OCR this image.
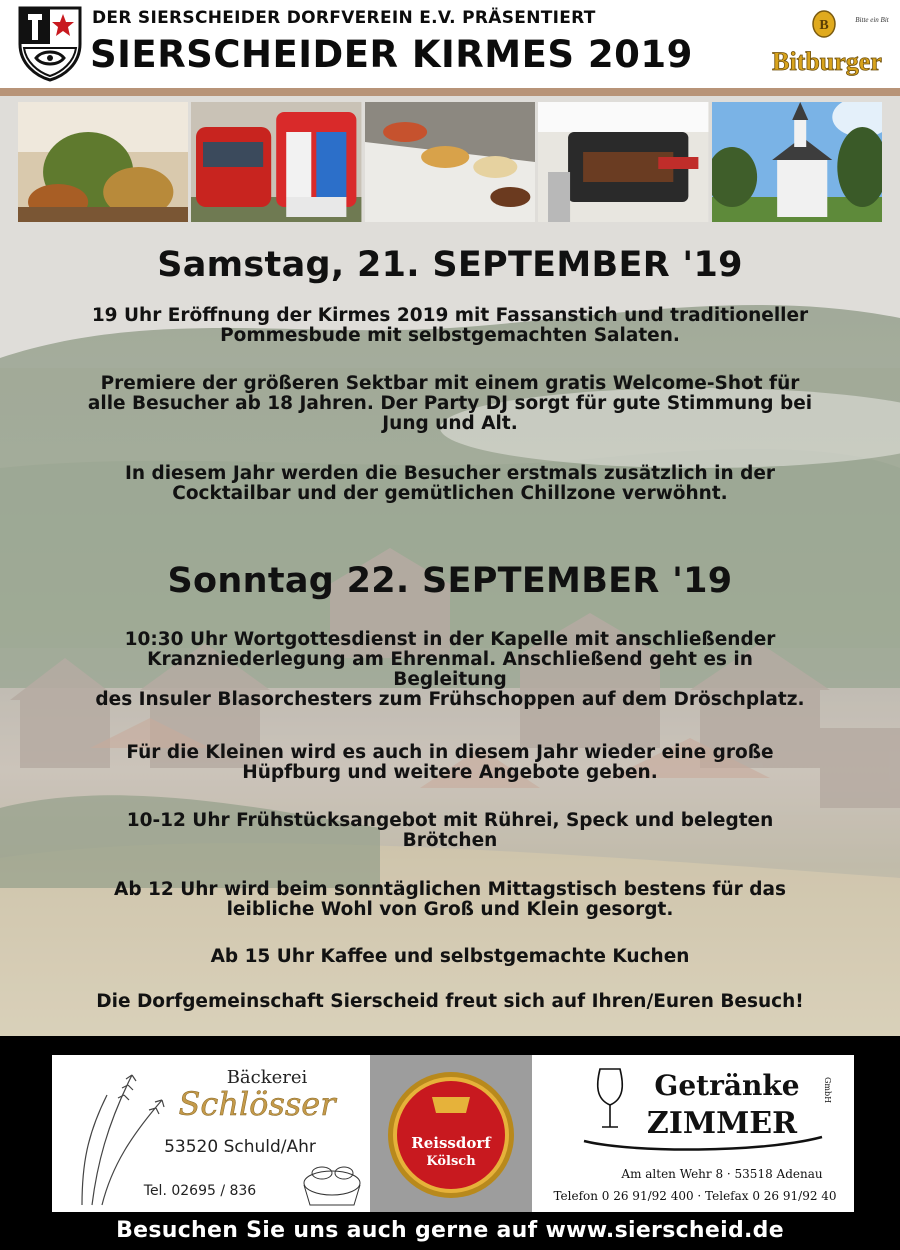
DER SIERSCHEIDER DORFVEREIN E.V. PRÄSENTIERT
SIERSCHEIDER KIRMES 2019
B	Bitte ein Bit
Bitburger
Samstag, 21. SEPTEMBER '19
19 Uhr Eröffnung der Kirmes 2019 mit Fassanstich und traditioneller
Pommesbude mit selbstgemachten Salaten.
Premiere der größeren Sektbar mit einem gratis Welcome-Shot für
alle Besucher ab 18 Jahren. Der Party DJ sorgt für gute Stimmung bei
Jung und Alt.
In diesem Jahr werden die Besucher erstmals zusätzlich in der
Cocktailbar und der gemütlichen Chillzone verwöhnt.
Sonntag 22. SEPTEMBER '19
10:30 Uhr Wortgottesdienst in der Kapelle mit anschließender
Kranzniederlegung am Ehrenmal. Anschließend geht es in
Begleitung
des Insuler Blasorchesters zum Frühschoppen auf dem Dröschplatz.
Für die Kleinen wird es auch in diesem Jahr wieder eine große
Hüpfburg und weitere Angebote geben.
10-12 Uhr Frühstücksangebot mit Rührei, Speck und belegten
Brötchen
Ab 12 Uhr wird beim sonntäglichen Mittagstisch bestens für das
leibliche Wohl von Groß und Klein gesorgt.
Ab 15 Uhr Kaffee und selbstgemachte Kuchen
Die Dorfgemeinschaft Sierscheid freut sich auf Ihren/Euren Besuch!
Bäckerei
Schlösser
53520 Schuld/Ahr
Tel. 02695 / 836
Reissdorf
Kölsch
Getränke	GmbH
ZIMMER
Am alten Wehr 8 · 53518 Adenau
Telefon 0 26 91/92 400 · Telefax 0 26 91/92 40
Besuchen Sie uns auch gerne auf www.sierscheid.de
